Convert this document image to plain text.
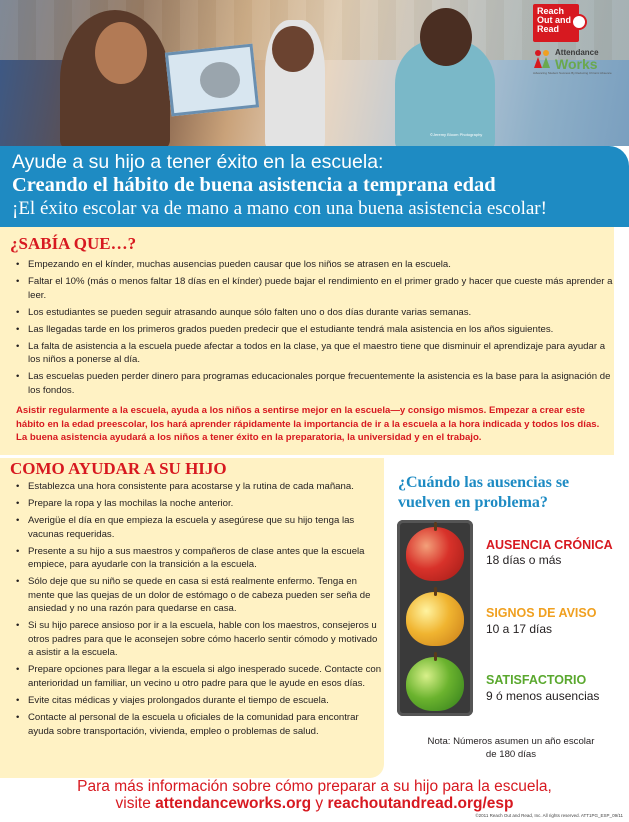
©Jeremy Bloom Photography
Reach
Out and
Read
Attendance
Works
Advancing Student Success By Reducing Chronic Absence
Ayude a su hijo a tener éxito en la escuela:
Creando el hábito de buena asistencia a temprana edad
¡El éxito escolar va de mano a mano con una buena asistencia escolar!
¿SABÍA QUE…?
• Empezando en el kínder, muchas ausencias pueden causar que los niños se atrasen en la escuela.
• Faltar el 10% (más o menos faltar 18 días en el kínder) puede bajar el rendimiento en el primer grado y hacer que cueste más aprender a leer.
• Los estudiantes se pueden seguir atrasando aunque sólo falten uno o dos días durante varias semanas.
• Las llegadas tarde en los primeros grados pueden predecir que el estudiante tendrá mala asistencia en los años siguientes.
• La falta de asistencia a la escuela puede afectar a todos en la clase, ya que el maestro tiene que disminuir el aprendizaje para ayudar a los niños a ponerse al día.
• Las escuelas pueden perder dinero para programas educacionales porque frecuentemente la asistencia es la base para la asignación de los fondos.
Asistir regularmente a la escuela, ayuda a los niños a sentirse mejor en la escuela—y consigo mismos. Empezar a crear este hábito en la edad preescolar, los hará aprender rápidamente la importancia de ir a la escuela a la hora indicada y todos los días. La buena asistencia ayudará a los niños a tener éxito en la preparatoria, la universidad y en el trabajo.
COMO AYUDAR A SU HIJO
• Establezca una hora consistente para acostarse y la rutina de cada mañana.
• Prepare la ropa y las mochilas la noche anterior.
• Averigüe el día en que empieza la escuela y asegúrese que su hijo tenga las vacunas requeridas.
• Presente a su hijo a sus maestros y compañeros de clase antes que la escuela empiece, para ayudarle con la transición a la escuela.
• Sólo deje que su niño se quede en casa si está realmente enfermo. Tenga en mente que las quejas de un dolor de estómago o de cabeza pueden ser seña de ansiedad y no una razón para quedarse en casa.
• Si su hijo parece ansioso por ir a la escuela, hable con los maestros, consejeros u otros padres para que le aconsejen sobre cómo hacerlo sentir cómodo y motivado a asistir a la escuela.
• Prepare opciones para llegar a la escuela si algo inesperado sucede. Contacte con anterioridad un familiar, un vecino u otro padre para que le ayude en esos días.
• Evite citas médicas y viajes prolongados durante el tiempo de escuela.
• Contacte al personal de la escuela u oficiales de la comunidad para encontrar ayuda sobre transportación, vivienda, empleo o problemas de salud.
¿Cuándo las ausencias se vuelven en problema?
AUSENCIA CRÓNICA
18 días o más
SIGNOS DE AVISO
10 a 17 días
SATISFACTORIO
9 ó menos ausencias
Nota: Números asumen un año escolar de 180 días
Para más información sobre cómo preparar a su hijo para la escuela,
visite attendanceworks.org y reachoutandread.org/esp
©2011 Reach Out and Read, Inc. All rights reserved. ATT1PG_ESP_09/11
